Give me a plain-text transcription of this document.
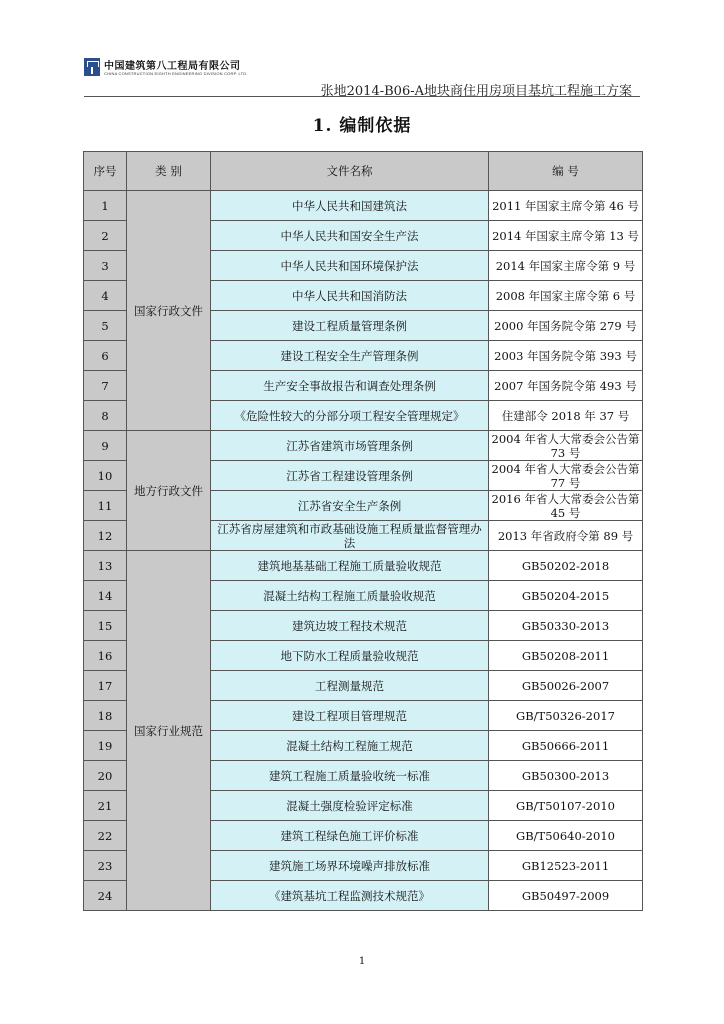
中国建筑第八工程局有限公司
CHINA CONSTRUCTION EIGHTH ENGINEERING DIVISION CORP. LTD.
张地2014-B06-A地块商住用房项目基坑工程施工方案
1. 编制依据
序号	类 别	文件名称	编 号
1	国家行政文件	中华人民共和国建筑法	2011 年国家主席令第 46 号
2		中华人民共和国安全生产法	2014 年国家主席令第 13 号
3		中华人民共和国环境保护法	2014 年国家主席令第 9 号
4		中华人民共和国消防法	2008 年国家主席令第 6 号
5		建设工程质量管理条例	2000 年国务院令第 279 号
6		建设工程安全生产管理条例	2003 年国务院令第 393 号
7		生产安全事故报告和调查处理条例	2007 年国务院令第 493 号
8		《危险性较大的分部分项工程安全管理规定》	住建部令 2018 年 37 号
9	地方行政文件	江苏省建筑市场管理条例	2004 年省人大常委会公告第 73 号
10		江苏省工程建设管理条例	2004 年省人大常委会公告第 77 号
11		江苏省安全生产条例	2016 年省人大常委会公告第 45 号
12		江苏省房屋建筑和市政基础设施工程质量监督管理办法	2013 年省政府令第 89 号
13	国家行业规范	建筑地基基础工程施工质量验收规范	GB50202-2018
14		混凝土结构工程施工质量验收规范	GB50204-2015
15		建筑边坡工程技术规范	GB50330-2013
16		地下防水工程质量验收规范	GB50208-2011
17		工程测量规范	GB50026-2007
18		建设工程项目管理规范	GB/T50326-2017
19		混凝土结构工程施工规范	GB50666-2011
20		建筑工程施工质量验收统一标准	GB50300-2013
21		混凝土强度检验评定标准	GB/T50107-2010
22		建筑工程绿色施工评价标准	GB/T50640-2010
23		建筑施工场界环境噪声排放标准	GB12523-2011
24		《建筑基坑工程监测技术规范》	GB50497-2009
1
